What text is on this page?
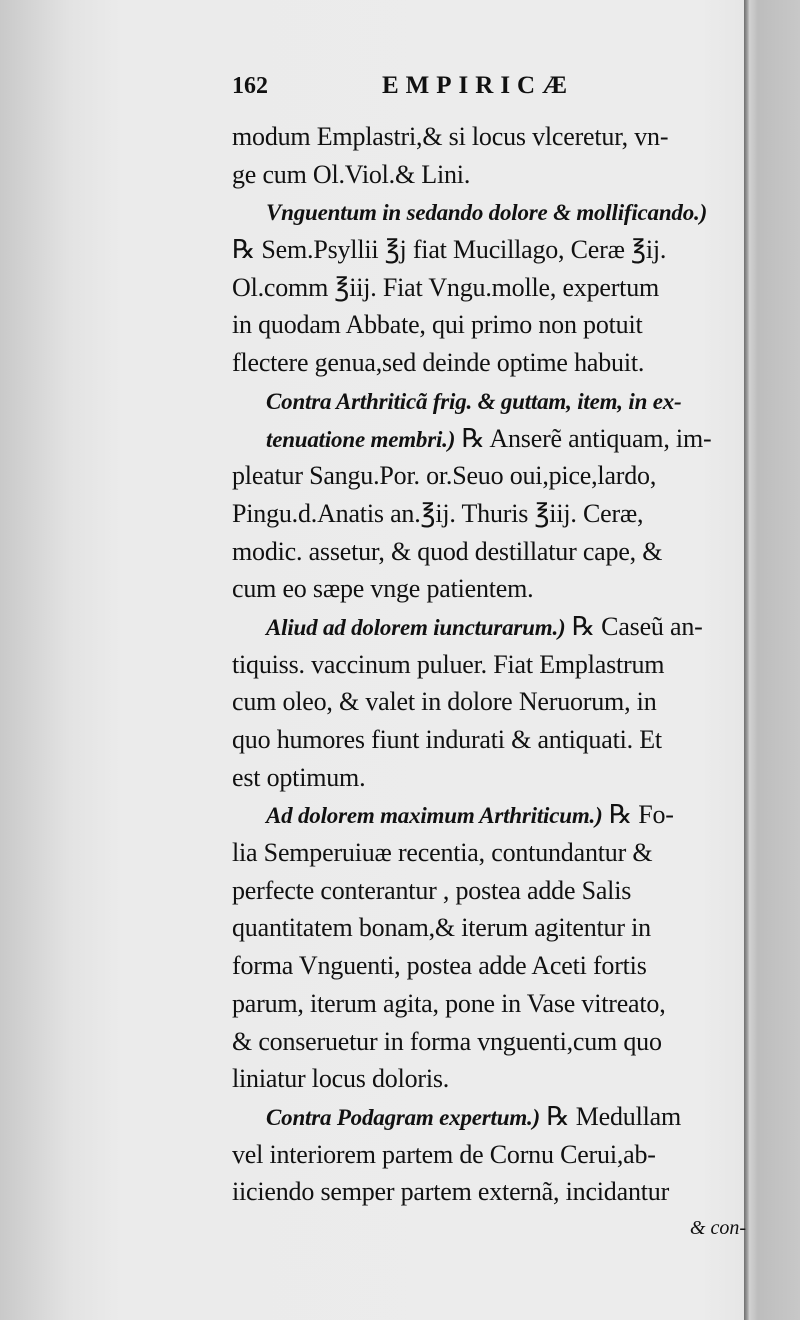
162	EMPIRICÆ
modum Emplastri,& si locus vlceretur, vn-
ge cum Ol.Viol.& Lini.
Vnguentum in sedando dolore & mollificando.)
℞ Sem.Psyllii ℥j fiat Mucillago, Ceræ ℥ij.
Ol.comm ℥iij. Fiat Vngu.molle, expertum
in quodam Abbate, qui primo non potuit
flectere genua,sed deinde optime habuit.
Contra Arthriticã frig. & guttam, item, in ex-
tenuatione membri.) ℞ Anserẽ antiquam, im-
pleatur Sangu.Por. or.Seuo oui,pice,lardo,
Pingu.d.Anatis an.℥ij. Thuris ℥iij. Ceræ,
modic. assetur, & quod destillatur cape, &
cum eo sæpe vnge patientem.
Aliud ad dolorem iuncturarum.) ℞ Caseũ an-
tiquiss. vaccinum puluer. Fiat Emplastrum
cum oleo, & valet in dolore Neruorum, in
quo humores fiunt indurati & antiquati. Et
est optimum.
Ad dolorem maximum Arthriticum.) ℞ Fo-
lia Semperuiuæ recentia, contundantur &
perfecte conterantur , postea adde Salis
quantitatem bonam,& iterum agitentur in
forma Vnguenti, postea adde Aceti fortis
parum, iterum agita, pone in Vase vitreato,
& conseruetur in forma vnguenti,cum quo
liniatur locus doloris.
Contra Podagram expertum.) ℞ Medullam
vel interiorem partem de Cornu Cerui,ab-
iiciendo semper partem externã, incidantur
& con-
